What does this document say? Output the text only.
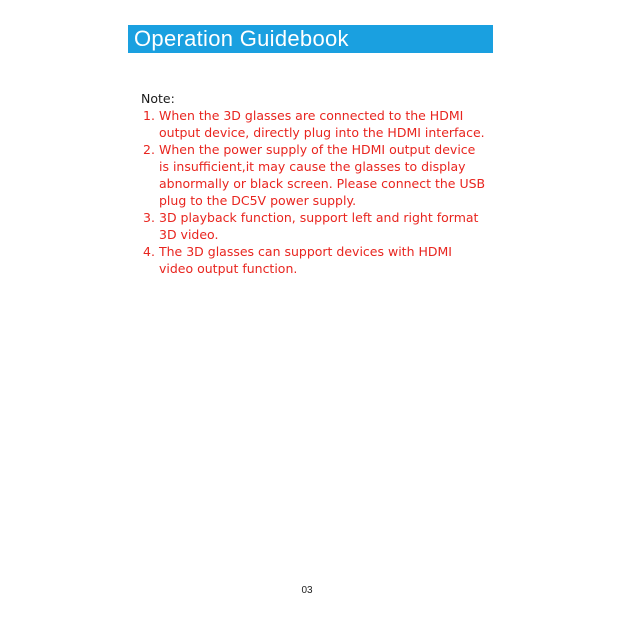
Operation Guidebook
Note:
1. When the 3D glasses are connected to the HDMI
output device, directly plug into the HDMI interface.
2. When the power supply of the HDMI output device
is insufficient,it may cause the glasses to display
abnormally or black screen. Please connect the USB
plug to the DC5V power supply.
3. 3D playback function, support left and right format
3D video.
4. The 3D glasses can support devices with HDMI
video output function.
03
